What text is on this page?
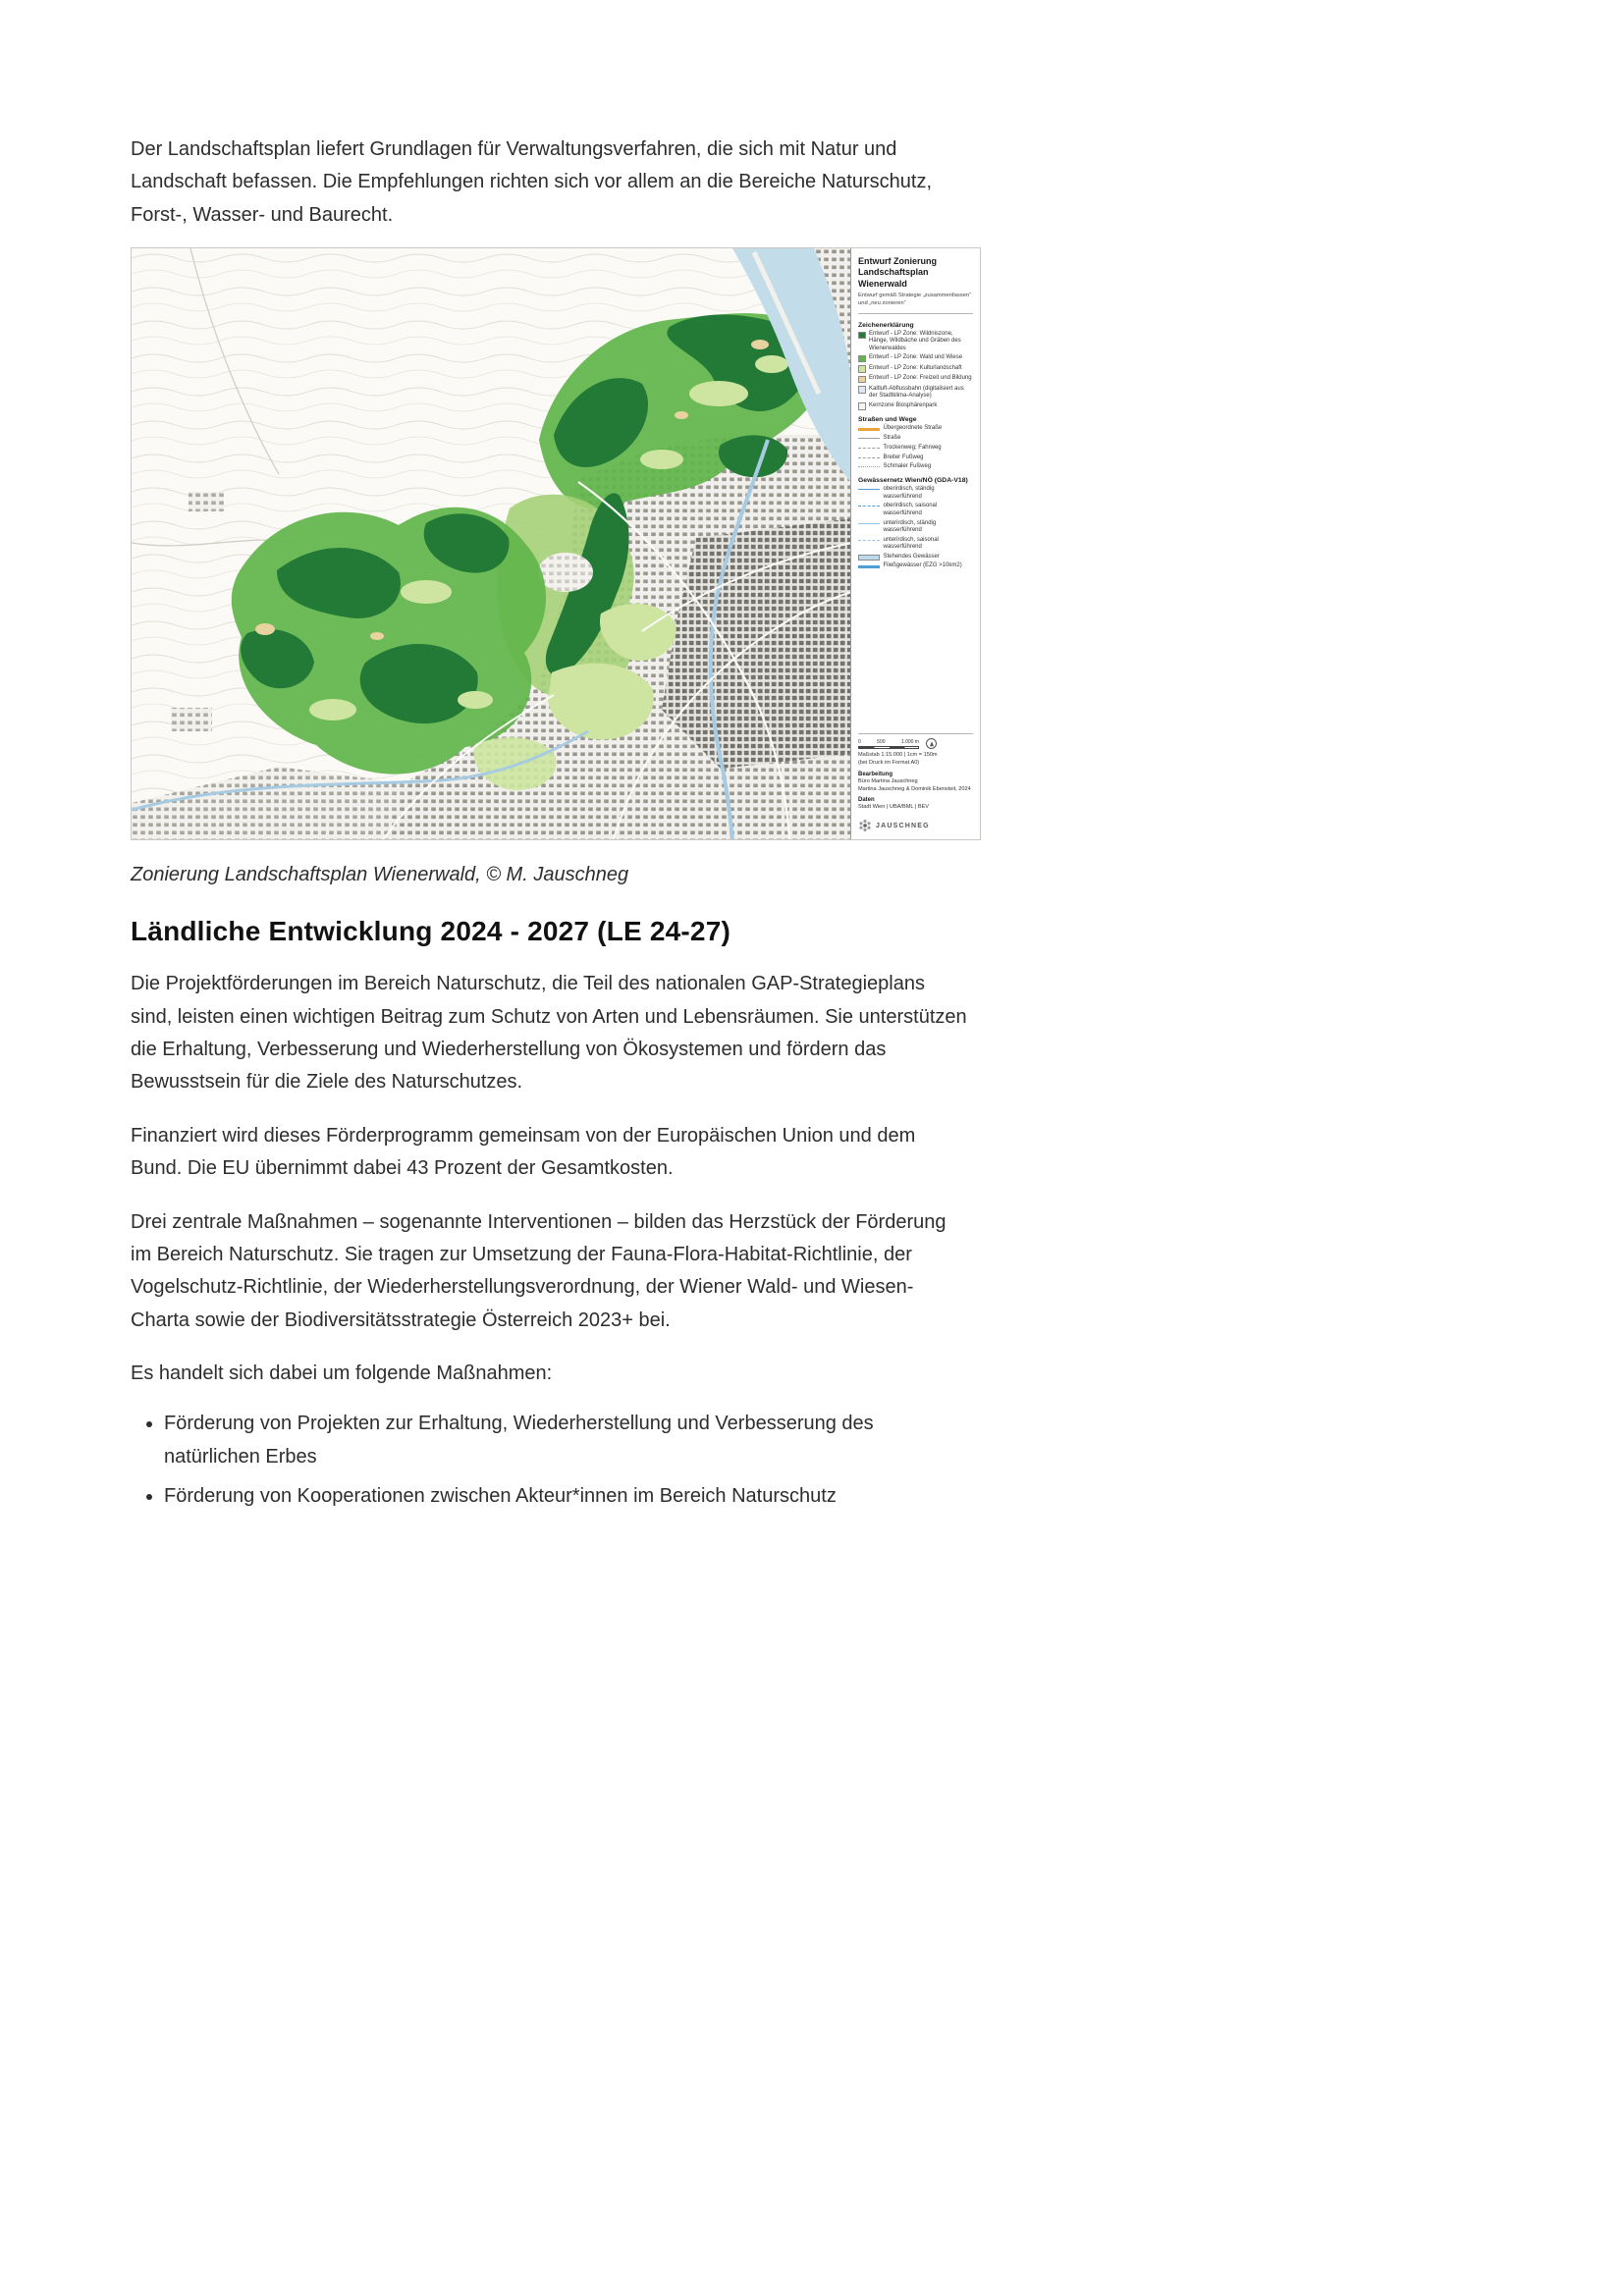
Der Landschaftsplan liefert Grundlagen für Verwaltungsverfahren, die sich mit Natur und Landschaft befassen. Die Empfehlungen richten sich vor allem an die Bereiche Naturschutz, Forst-, Wasser- und Baurecht.

Entwurf Zonierung
Landschaftsplan
Wienerwald
Entwurf gemäß Strategie „zusammenfassen“ und „neu zonieren“
Zeichenerklärung
Entwurf - LP Zone: Wildniszone, Hänge, Wildbäche und Gräben des Wienerwaldes
Entwurf - LP Zone: Wald und Wiese
Entwurf - LP Zone: Kulturlandschaft
Entwurf - LP Zone: Freizeit und Bildung
Kaltluft-Abflussbahn (digitalisiert aus der Stadtklima-Analyse)
Kernzone Biosphärenpark
Straßen und Wege
Übergeordnete Straße
Straße
Trockenweg; Fahrweg
Breiter Fußweg
Schmaler Fußweg
Gewässernetz Wien/NÖ (GDA-V18)
oberirdisch, ständig wasserführend
oberirdisch, saisonal wasserführend
unterirdisch, ständig wasserführend
unterirdisch, saisonal wasserführend
Stehendes Gewässer
Fließgewässer (EZG >10km2)
0	500	1.000 m
Maßstab 1:15.000 | 1cm = 150m
(bei Druck im Format A0)
Bearbeitung
Büro Martina Jauschneg
Martina Jauschneg & Dominik Ebensteit, 2024
Daten
Stadt Wien | UBA/BML | BEV
JAUSCHNEG
Zonierung Landschaftsplan Wienerwald, © M. Jauschneg
Ländliche Entwicklung 2024 - 2027 (LE 24-27)

Die Projektförderungen im Bereich Naturschutz, die Teil des nationalen GAP-Strategieplans sind, leisten einen wichtigen Beitrag zum Schutz von Arten und Lebensräumen. Sie unterstützen die Erhaltung, Verbesserung und Wiederherstellung von Ökosystemen und fördern das Bewusstsein für die Ziele des Naturschutzes.

Finanziert wird dieses Förderprogramm gemeinsam von der Europäischen Union und dem Bund. Die EU übernimmt dabei 43 Prozent der Gesamtkosten.

Drei zentrale Maßnahmen – sogenannte Interventionen – bilden das Herzstück der Förderung im Bereich Naturschutz. Sie tragen zur Umsetzung der Fauna-Flora-Habitat-Richtlinie, der Vogelschutz-Richtlinie, der Wiederherstellungsverordnung, der Wiener Wald- und Wiesen-Charta sowie der Biodiversitätsstrategie Österreich 2023+ bei.

Es handelt sich dabei um folgende Maßnahmen:

• Förderung von Projekten zur Erhaltung, Wiederherstellung und Verbesserung des natürlichen Erbes
• Förderung von Kooperationen zwischen Akteur*innen im Bereich Naturschutz
